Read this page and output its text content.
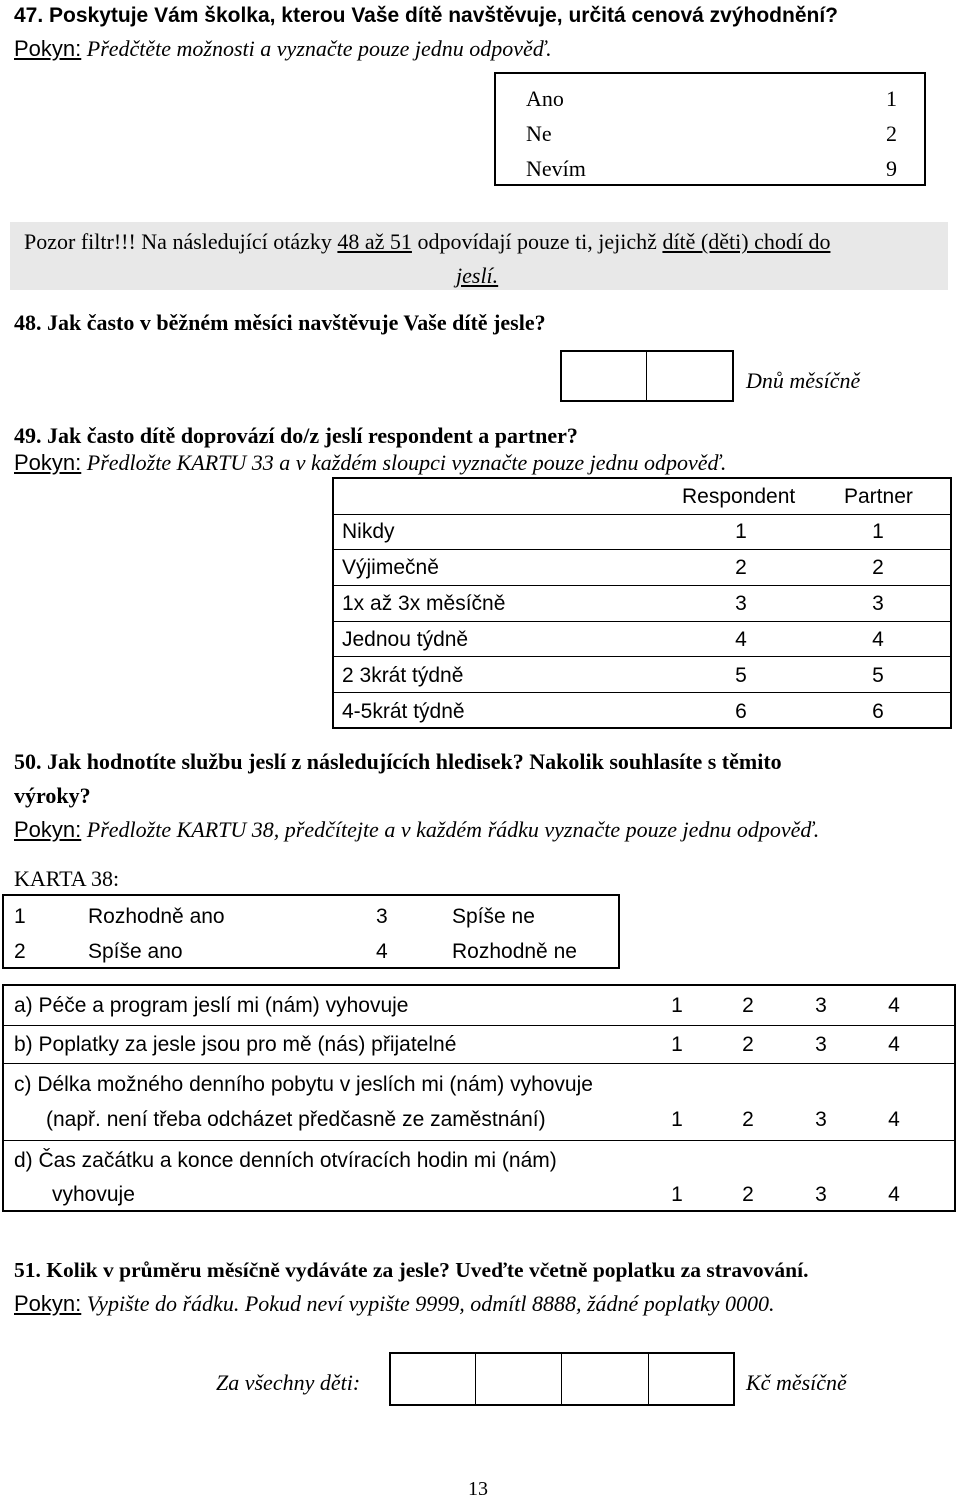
47. Poskytuje Vám školka, kterou Vaše dítě navštěvuje, určitá cenová zvýhodnění?
Pokyn: Předčtěte možnosti a vyznačte pouze jednu odpověď.
Ano	1
Ne	2
Nevím	9
Pozor filtr!!! Na následující otázky 48 až 51 odpovídají pouze ti, jejichž dítě (děti) chodí do
jeslí.
48. Jak často v běžném měsíci navštěvuje Vaše dítě jesle?
Dnů měsíčně
49. Jak často dítě doprovází do/z jeslí respondent a partner?
Pokyn: Předložte KARTU 33 a v každém sloupci vyznačte pouze jednu odpověď.
Respondent Partner
Nikdy	1	1
Výjimečně	2	2
1x až 3x měsíčně	3	3
Jednou týdně	4	4
2 3krát týdně	5	5
4-5krát týdně	6	6
50. Jak hodnotíte službu jeslí z následujících hledisek? Nakolik souhlasíte s těmito
výroky?
Pokyn: Předložte KARTU 38, předčítejte a v každém řádku vyznačte pouze jednu odpověď.
KARTA 38:
1	Rozhodně ano	3	Spíše ne
2	Spíše ano	4	Rozhodně ne
a) Péče a program jeslí mi (nám) vyhovuje	1	2	3	4
b) Poplatky za jesle jsou pro mě (nás) přijatelné	1	2	3	4
c) Délka možného denního pobytu v jeslích mi (nám) vyhovuje
(např. není třeba odcházet předčasně ze zaměstnání)	1	2	3	4
d) Čas začátku a konce denních otvíracích hodin mi (nám)
vyhovuje	1	2	3	4
51. Kolik v průměru měsíčně vydáváte za jesle? Uveďte včetně poplatku za stravování.
Pokyn: Vypište do řádku. Pokud neví vypište 9999, odmítl 8888, žádné poplatky 0000.
Za všechny děti:	Kč měsíčně
13
